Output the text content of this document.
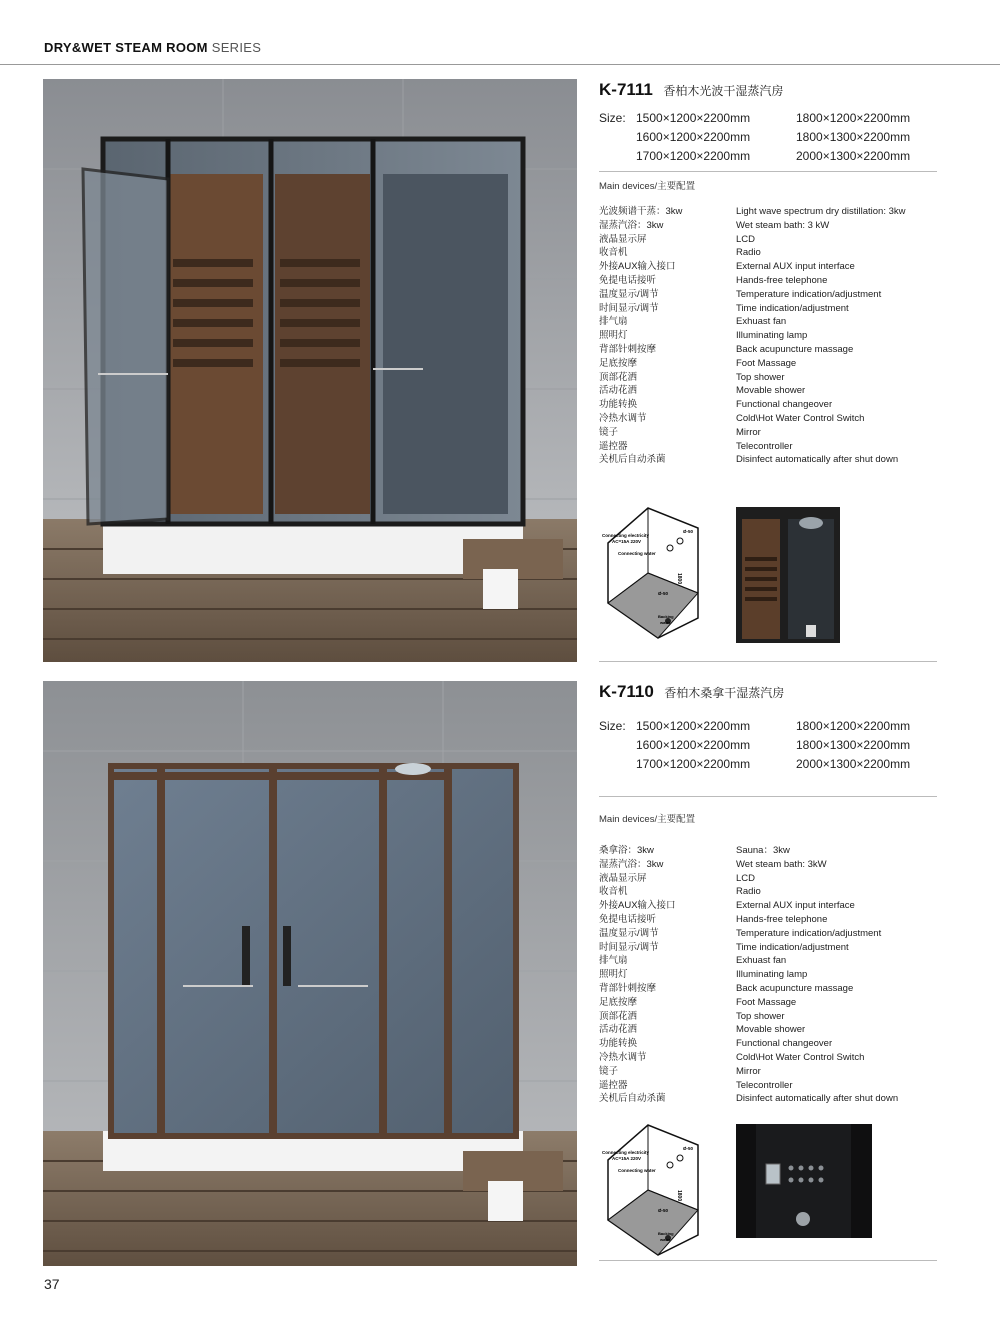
DRY&WET STEAM ROOM SERIES
K-7111 香柏木光波干湿蒸汽房
Size: 1500×1200×2200mm
1600×1200×2200mm
1700×1200×2200mm
1800×1200×2200mm
1800×1300×2200mm
2000×1300×2200mm
Main devices/主要配置
光波频谱干蒸：3kw
湿蒸汽浴：3kw
液晶显示屏
收音机
外接AUX输入接口
免提电话接听
温度显示/调节
时间显示/调节
排气扇
照明灯
背部针刺按摩
足底按摩
顶部花洒
活动花洒
功能转换
冷热水调节
镜子
遥控器
关机后自动杀菌
Light wave spectrum dry distillation: 3kw
Wet steam bath: 3 kW
LCD
Radio
External AUX input interface
Hands-free telephone
Temperature indication/adjustment
Time indication/adjustment
Exhuast fan
Illuminating lamp
Back acupuncture massage
Foot Massage
Top shower
Movable shower
Functional changeover
Cold\Hot Water Control Switch
Mirror
Telecontroller
Disinfect automatically after shut down
Connecting electricity
AC=15A 220V
Connecting water
1800
Ø-50
Ø-50
Backing
water
K-7110 香柏木桑拿干湿蒸汽房
Size: 1500×1200×2200mm
1600×1200×2200mm
1700×1200×2200mm
1800×1200×2200mm
1800×1300×2200mm
2000×1300×2200mm
Main devices/主要配置
桑拿浴：3kw
湿蒸汽浴：3kw
液晶显示屏
收音机
外接AUX输入接口
免提电话接听
温度显示/调节
时间显示/调节
排气扇
照明灯
背部针刺按摩
足底按摩
顶部花洒
活动花洒
功能转换
冷热水调节
镜子
遥控器
关机后自动杀菌
Sauna：3kw
Wet steam bath: 3kW
LCD
Radio
External AUX input interface
Hands-free telephone
Temperature indication/adjustment
Time indication/adjustment
Exhuast fan
Illuminating lamp
Back acupuncture massage
Foot Massage
Top shower
Movable shower
Functional changeover
Cold\Hot Water Control Switch
Mirror
Telecontroller
Disinfect automatically after shut down
Connecting electricity
AC=15A 220V
Connecting water
1800
Ø-50
Ø-50
Backing
water
37
